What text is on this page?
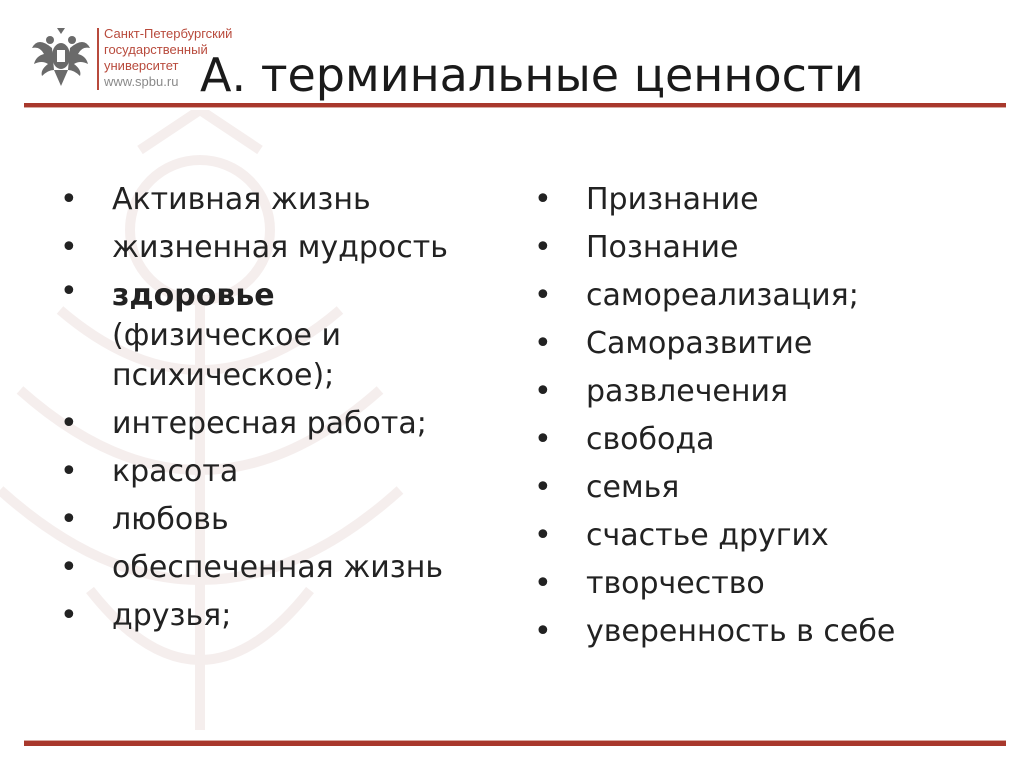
Санкт-Петербургский
государственный
университет
www.spbu.ru А. терминальные ценности
• Активная жизнь
• жизненная мудрость
• здоровье
(физическое и
психическое);
• интересная работа;
• красота
• любовь
• обеспеченная жизнь
• друзья;
• Признание
• Познание
• самореализация;
• Саморазвитие
• развлечения
• свобода
• семья
• счастье других
• творчество
• уверенность в себе
